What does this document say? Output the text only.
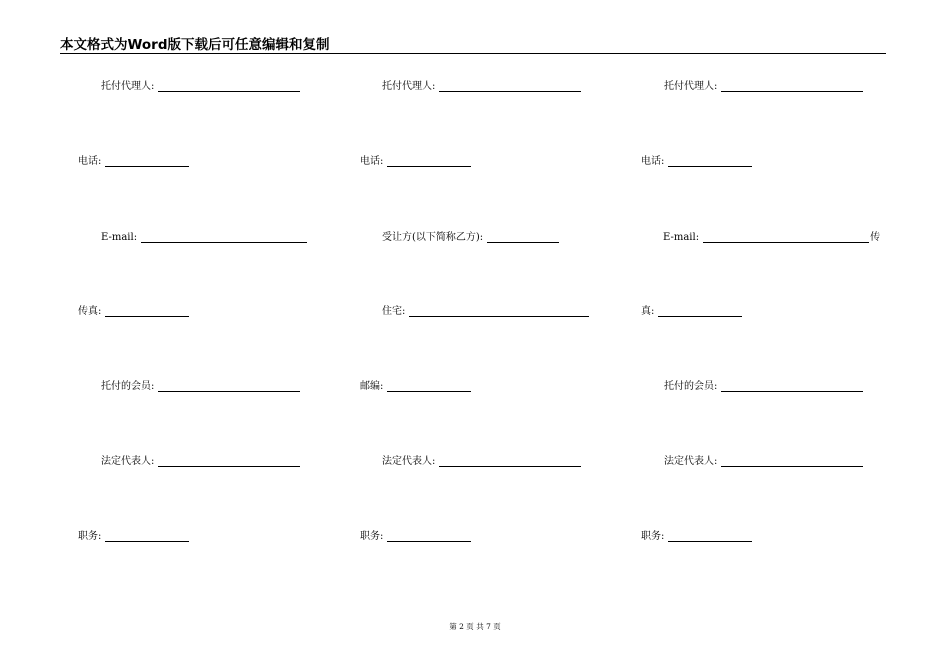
本文格式为Word版下载后可任意编辑和复制
托付代理人:	托付代理人:	托付代理人:
电话:	电话:	电话:
E-mail:	受让方(以下简称乙方):	E-mail:	传
传真:	住宅:	真:
托付的会员:	邮编:	托付的会员:
法定代表人:	法定代表人:	法定代表人:
职务:	职务:	职务:
第 2 页 共 7 页
